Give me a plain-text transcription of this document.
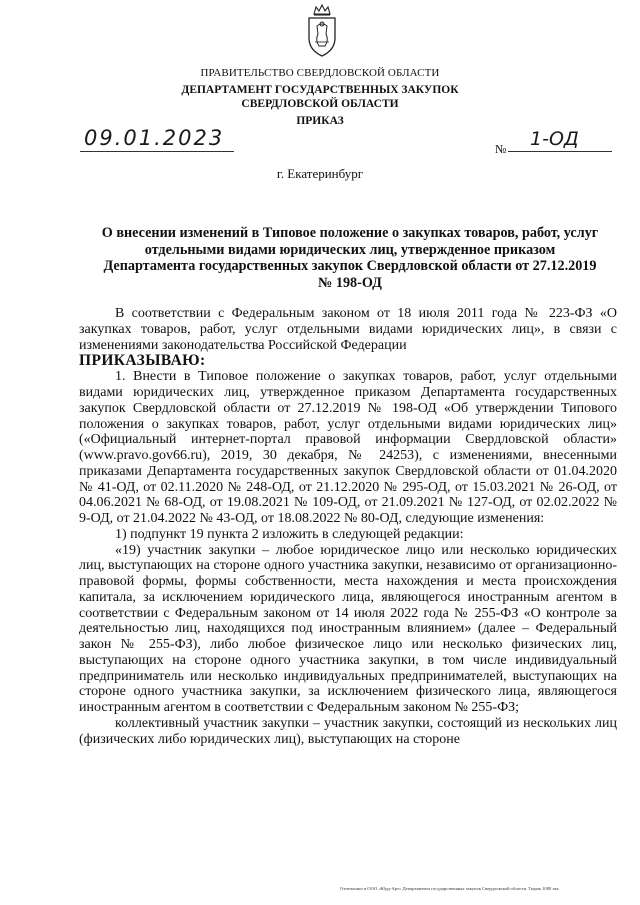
ПРАВИТЕЛЬСТВО СВЕРДЛОВСКОЙ ОБЛАСТИ
ДЕПАРТАМЕНТ ГОСУДАРСТВЕННЫХ ЗАКУПОК
СВЕРДЛОВСКОЙ ОБЛАСТИ
ПРИКАЗ
09.01.2023	№	1-ОД
г. Екатеринбург
О внесении изменений в Типовое положение о закупках товаров, работ, услуг отдельными видами юридических лиц, утвержденное приказом Департамента государственных закупок Свердловской области от 27.12.2019 № 198-ОД

В соответствии с Федеральным законом от 18 июля 2011 года № 223-ФЗ «О закупках товаров, работ, услуг отдельными видами юридических лиц», в связи с изменениями законодательства Российской Федерации

ПРИКАЗЫВАЮ:

1. Внести в Типовое положение о закупках товаров, работ, услуг отдельными видами юридических лиц, утвержденное приказом Департамента государственных закупок Свердловской области от 27.12.2019 № 198-ОД «Об утверждении Типового положения о закупках товаров, работ, услуг отдельными видами юридических лиц» («Официальный интернет-портал правовой информации Свердловской области» (www.pravo.gov66.ru), 2019, 30 декабря, № 24253), с изменениями, внесенными приказами Департамента государственных закупок Свердловской области от 01.04.2020 № 41-ОД, от 02.11.2020 № 248-ОД, от 21.12.2020 № 295-ОД, от 15.03.2021 № 26-ОД, от 04.06.2021 № 68-ОД, от 19.08.2021 № 109-ОД, от 21.09.2021 № 127-ОД, от 02.02.2022 № 9-ОД, от 21.04.2022 № 43-ОД, от 18.08.2022 № 80-ОД, следующие изменения:

1) подпункт 19 пункта 2 изложить в следующей редакции:

«19) участник закупки – любое юридическое лицо или несколько юридических лиц, выступающих на стороне одного участника закупки, независимо от организационно-правовой формы, формы собственности, места нахождения и места происхождения капитала, за исключением юридического лица, являющегося иностранным агентом в соответствии с Федеральным законом от 14 июля 2022 года № 255-ФЗ «О контроле за деятельностью лиц, находящихся под иностранным влиянием» (далее – Федеральный закон № 255-ФЗ), либо любое физическое лицо или несколько физических лиц, выступающих на стороне одного участника закупки, в том числе индивидуальный предприниматель или несколько индивидуальных предпринимателей, выступающих на стороне одного участника закупки, за исключением физического лица, являющегося иностранным агентом в соответствии с Федеральным законом № 255-ФЗ;

коллективный участник закупки – участник закупки, состоящий из нескольких лиц (физических либо юридических лиц), выступающих на стороне

Отпечатано в ООО «Юрд-Арт» Департамента государственных закупок Свердловской области. Тираж 1000 экз.
